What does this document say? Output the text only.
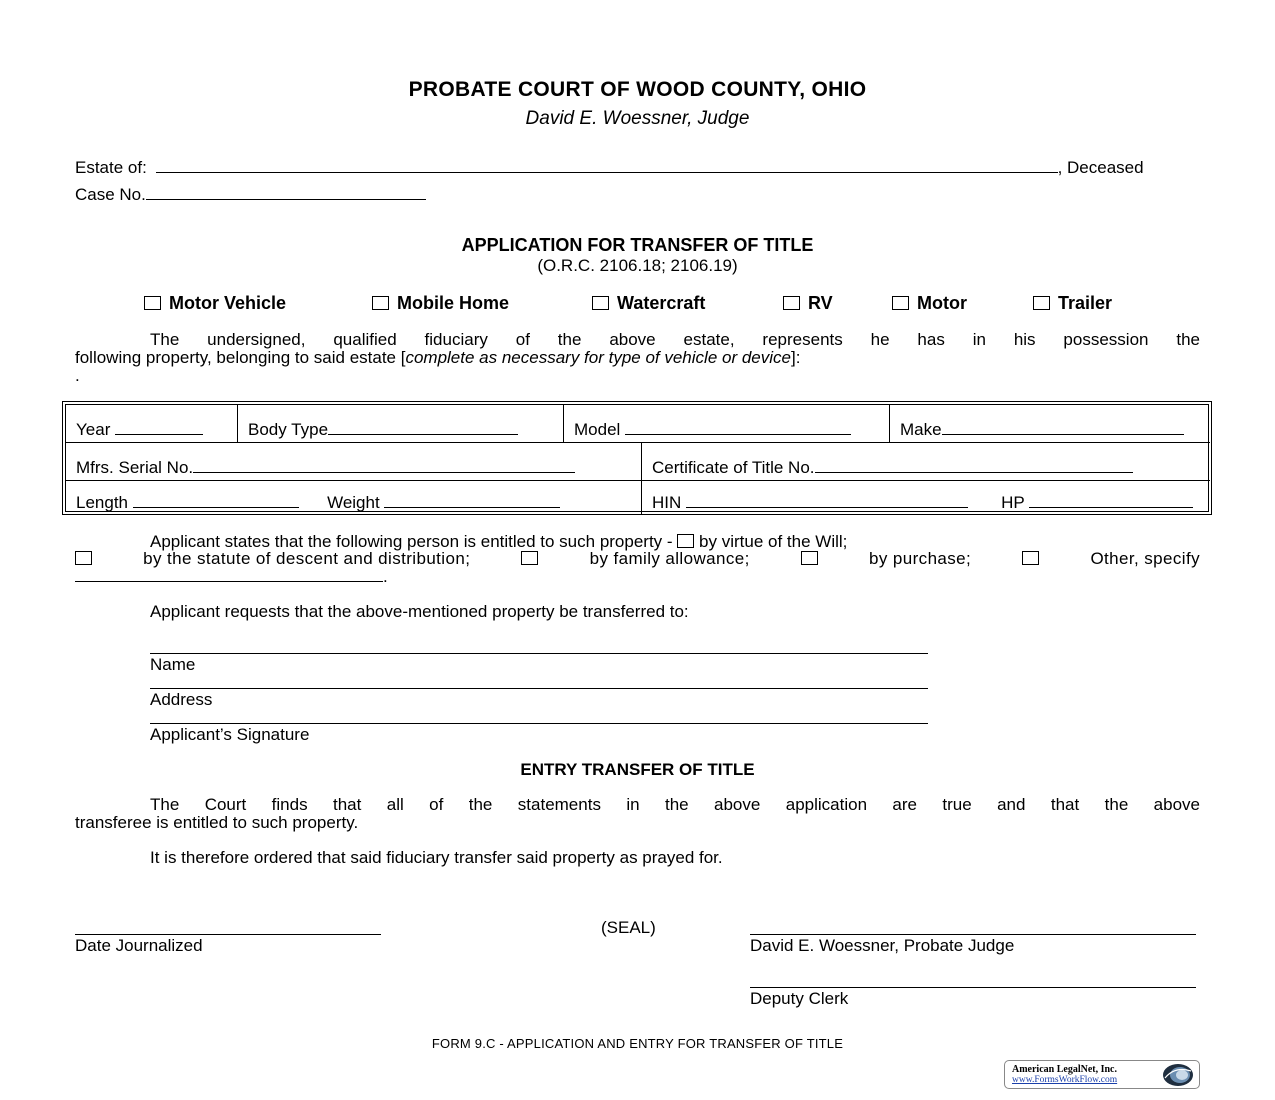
PROBATE COURT OF WOOD COUNTY, OHIO
David E. Woessner, Judge
Estate of:	, Deceased
Case No.
APPLICATION FOR TRANSFER OF TITLE
(O.R.C. 2106.18; 2106.19)
Motor Vehicle	Mobile Home	Watercraft	RV	Motor	Trailer
The undersigned, qualified fiduciary of the above estate, represents he has in his possession the
following property, belonging to said estate [complete as necessary for type of vehicle or device]:
.
Year	Body Type	Model	Make
Mfrs. Serial No.	Certificate of Title No.
Length	Weight	HIN	HP
Applicant states that the following person is entitled to such property - by virtue of the Will;
by the statute of descent and distribution;	by family allowance;	by purchase;	Other, specify
.
Applicant requests that the above-mentioned property be transferred to:
Name
Address
Applicant’s Signature
ENTRY TRANSFER OF TITLE
The Court finds that all of the statements in the above application are true and that the above
transferee is entitled to such property.
It is therefore ordered that said fiduciary transfer said property as prayed for.
Date Journalized
(SEAL)
David E. Woessner, Probate Judge
Deputy Clerk
FORM 9.C - APPLICATION AND ENTRY FOR TRANSFER OF TITLE
American LegalNet, Inc.
www.FormsWorkFlow.com
